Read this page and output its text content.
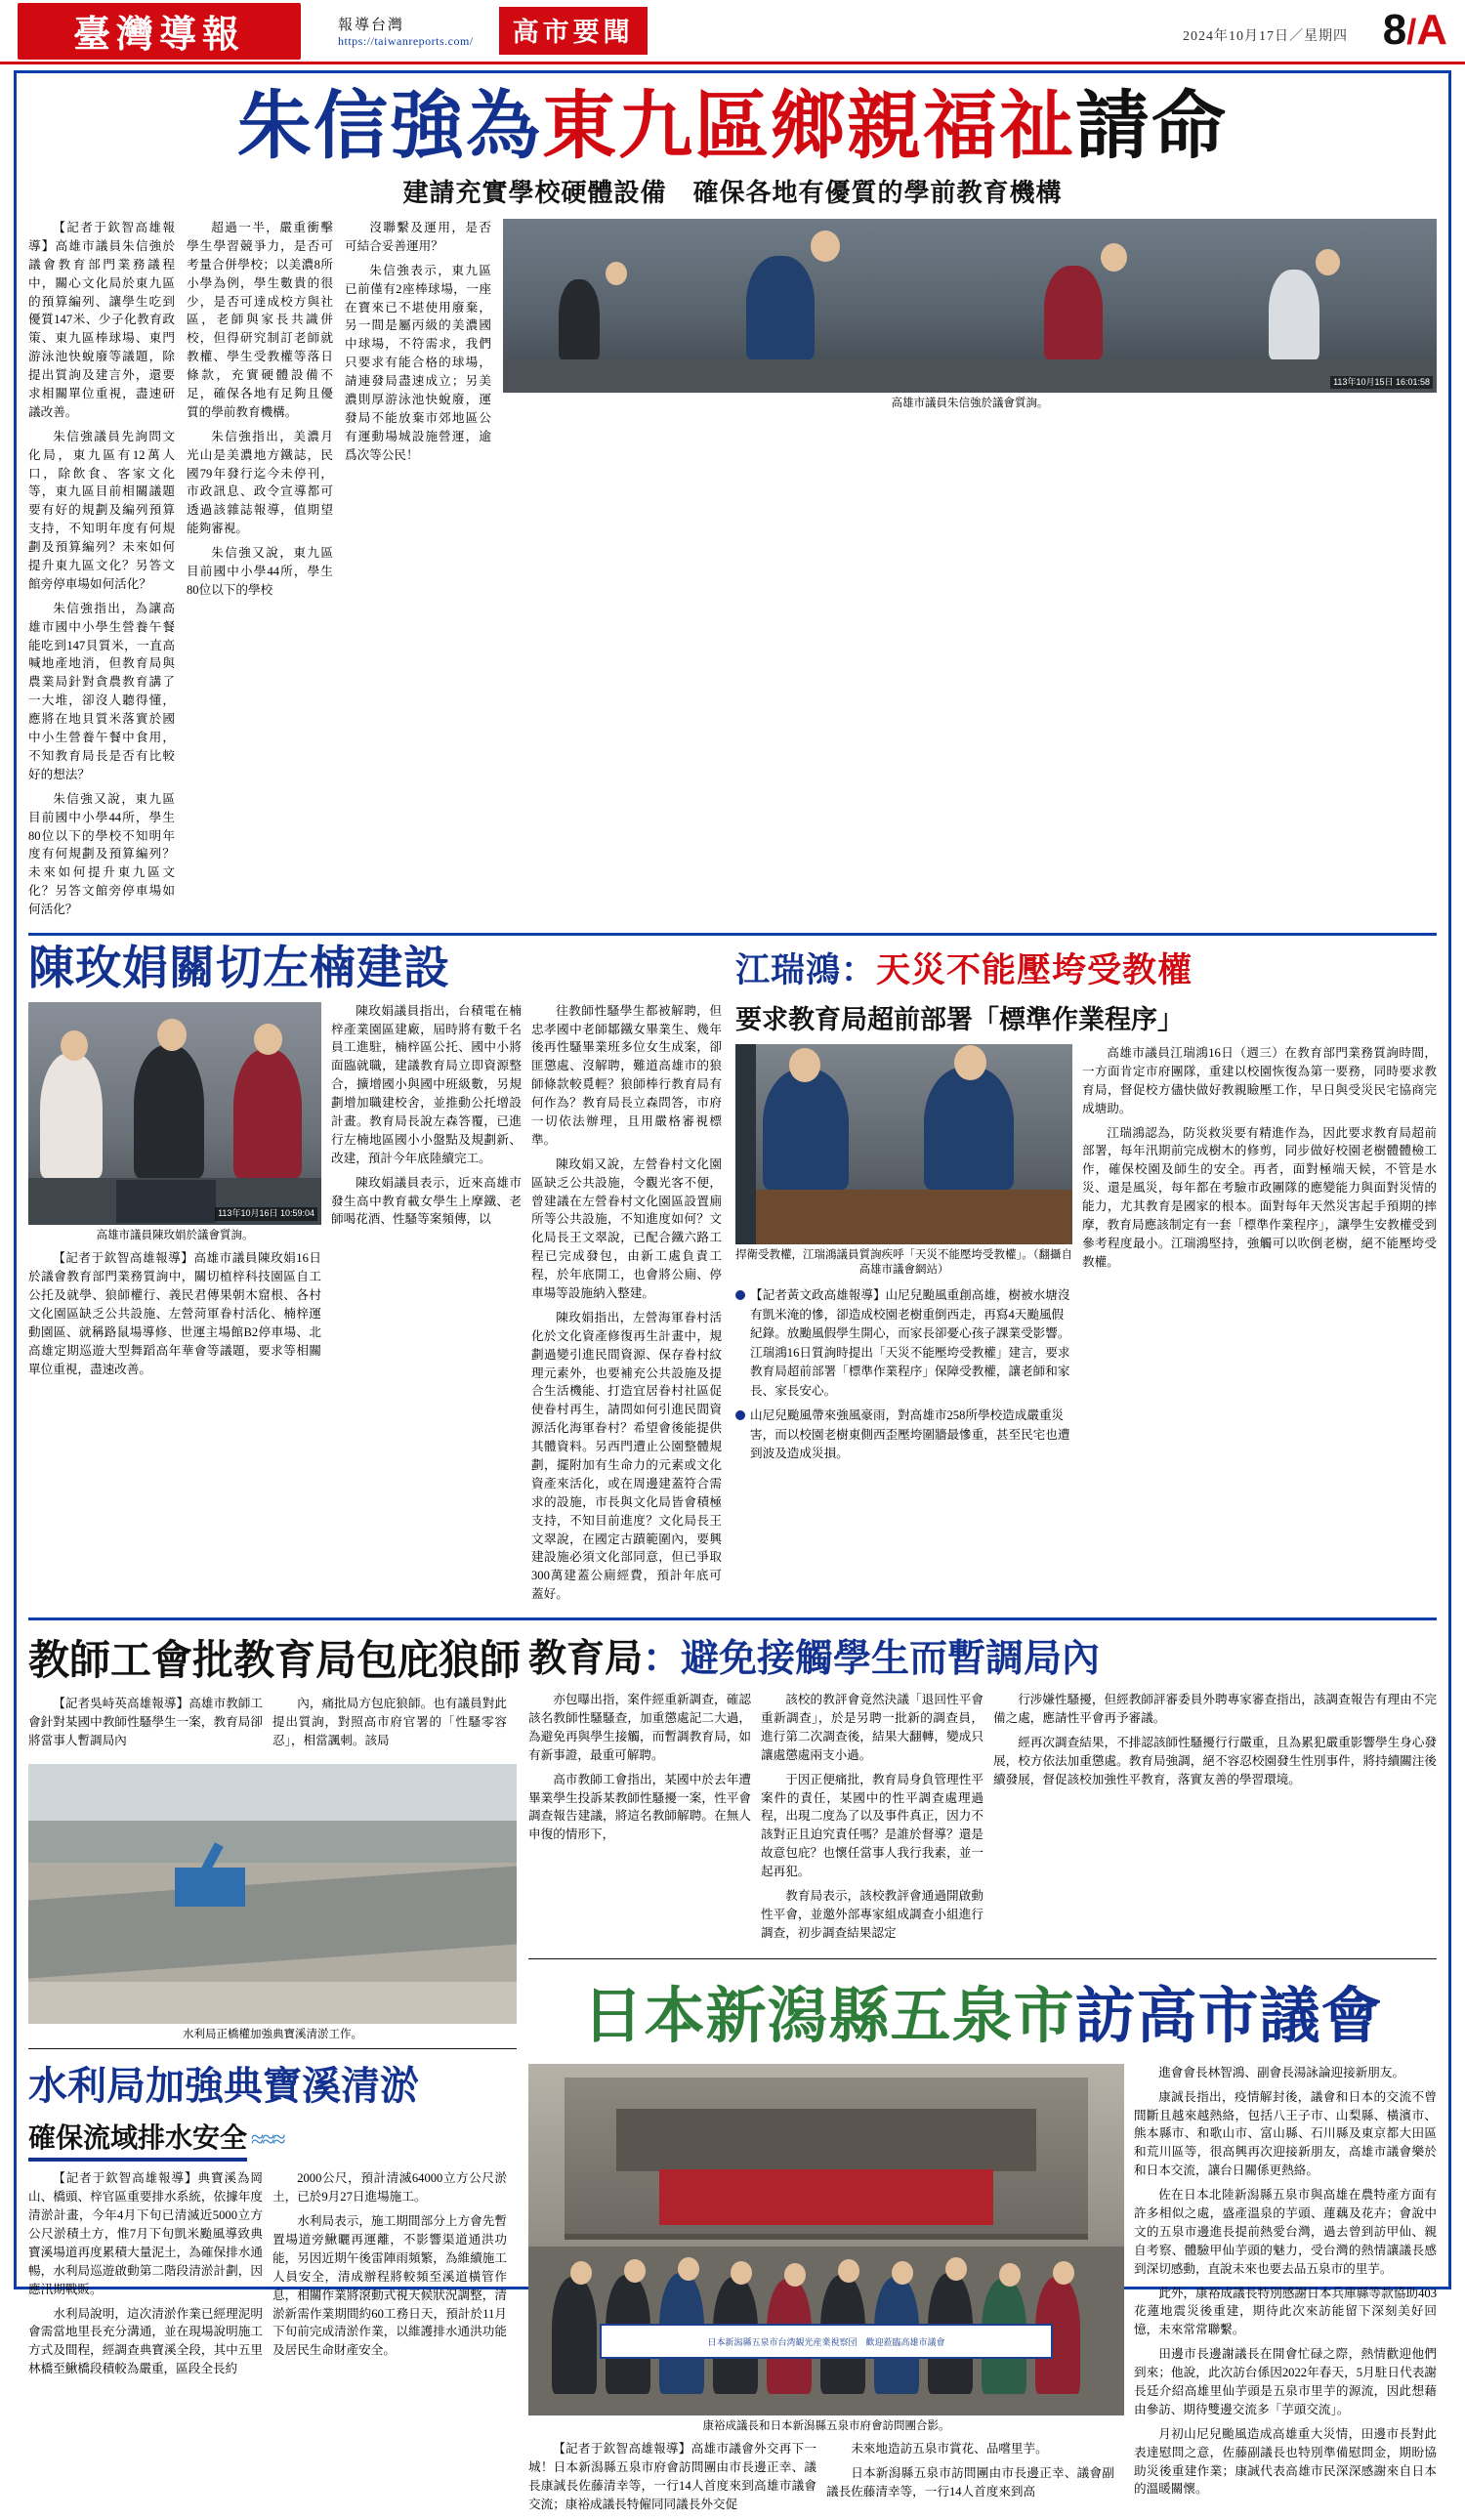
臺灣導報	報導台灣
https://taiwanreports.com/	高市要聞	2024年10月17日／星期四 8/A
朱信強為東九區鄉親福祉請命
建請充實學校硬體設備　確保各地有優質的學前教育機構

【記者于欽智高雄報導】高雄市議員朱信強於議會教育部門業務議程中，關心文化局於東九區的預算編列、讓學生吃到優質147米、少子化教育政策、東九區棒球場、東門游泳池快蛻廢等議題，除提出質詢及建言外，還要求相關單位重視，盡速研議改善。

朱信強議員先詢問文化局，東九區有12萬人口，除飲食、客家文化等，東九區目前相關議題要有好的規劃及編列預算支持，不知明年度有何規劃及預算編列？未來如何提升東九區文化？另答文館旁停車場如何活化？

朱信強指出，為讓高雄市國中小學生營養午餐能吃到147貝質米，一直高喊地產地消，但教育局與農業局針對貪農教育講了一大堆，卻沒人聽得懂，應將在地貝質米落實於國中小生營養午餐中食用，不知教育局長是否有比較好的想法？

朱信強又說，東九區目前國中小學44所，學生80位以下的學校不知明年度有何規劃及預算編列？未來如何提升東九區文化？另答文館旁停車場如何活化？

超過一半，嚴重衝擊學生學習競爭力，是否可考量合併學校；以美濃8所小學為例，學生數貴的很少，是否可達成校方與社區，老師與家長共識併校，但得研究制訂老師就教權、學生受教權等落日條款，充實硬體設備不足，確保各地有足夠且優質的學前教育機構。

朱信強指出，美濃月光山是美濃地方鐵誌，民國79年發行迄今未停刊，市政訊息、政令宣導都可透過該雜誌報導，值期望能夠審視。

朱信強又說，東九區目前國中小學44所，學生80位以下的學校

沒聯繫及運用，是否可結合妥善運用？

朱信強表示，東九區已前僅有2座棒球場，一座在寶來已不堪使用廢棄，另一間是屬丙級的美濃國中球場，不符需求，我們只要求有能合格的球場，請連發局盡速成立；另美濃則厚游泳池快蛻廢，運發局不能放棄市郊地區公有運動場城設施營運，逾爲次等公民！

113年10月15日 16:01:58
高雄市議員朱信強於議會質詢。
陳玫娟關切左楠建設
113年10月16日 10:59:04
高雄市議員陳玫娟於議會質詢。

【記者于欽智高雄報導】高雄市議員陳玫娟16日於議會教育部門業務質詢中，關切植梓科技園區自工公托及就學、狼師權行、義民君傳果朝木窟根、各村文化園區缺乏公共設施、左營菏軍眷村活化、楠梓運動園區、就稱路鼠場導修、世運主場館B2停車場、北高雄定期巡遊大型舞蹈高年華會等議題，要求等相關單位重視，盡速改善。

陳玫娟議員指出，台積電在楠梓產業園區建廠，屆時將有數千名員工進駐，楠梓區公托、國中小將面臨就職，建議教育局立即資源整合，擴增國小與國中班級數，另規劃增加職建校舍，並推動公托增設計畫。教育局長說左森答覆，已進行左楠地區國小小盤點及規劃新、改建，預計今年底陸續完工。

陳玫娟議員表示，近來高雄市發生高中教育載女學生上摩鐵、老師喝花酒、性騷等案頻傳，以

往教師性騷學生都被解聘，但忠孝國中老師鄒鐵女畢業生、幾年後再性騷畢業班多位女生成案，卻匪懲處、沒解聘，難道高雄市的狼師條款較覓輕？狼師棒行教育局有何作為？教育局長立森問答，市府一切依法辦理，且用嚴格審視標準。

陳玫娟又說，左營眷村文化園區缺乏公共設施，令觀光客不便，曾建議在左營眷村文化園區設置廁所等公共設施，不知進度如何？文化局長王文翠說，已配合鐵六路工程已完成發包，由新工處負責工程，於年底開工，也會將公廁、停車場等設施納入整建。

陳玫娟指出，左營海軍眷村活化於文化資產修復再生計畫中，規劃過變引進民間資源、保存眷村紋理元素外，也要補充公共設施及提合生活機能、打造宜居眷村社區促使眷村再生，請問如何引進民間資源活化海軍眷村？希望會後能提供其體資料。另西門遭止公園整體規劃，擺附加有生命力的元素或文化資產來活化，或在周邊建蓋符合需求的設施，市長與文化局皆會積極支持，不知目前進度？文化局長王文翠說，在國定古蹟範圍內，要興建設施必須文化部同意，但已爭取300萬建蓋公廁經費，預計年底可蓋好。

江瑞鴻：天災不能壓垮受教權
要求教育局超前部署「標準作業程序」
捍衛受教權，江瑞鴻議員質詢疾呼「天災不能壓垮受教權」。（翻攝自高雄市議會網站）
【記者黃文政高雄報導】山尼兒颱風重創高雄，樹被水塘沒有凱米淹的慘，卻造成校園老樹重倒西走，再寫4天颱風假紀錄。放颱風假學生開心，而家長卻憂心孩子課業受影響。江瑞鴻16日質詢時提出「天災不能壓垮受教權」建言，要求教育局超前部署「標準作業程序」保障受教權，讓老師和家長、家長安心。
山尼兒颱風帶來強風豪雨，對高雄市258所學校造成嚴重災害，而以校園老樹東側西歪壓垮圍牆最慘重，甚至民宅也遭到波及造成災損。

高雄市議員江瑞鴻16日（週三）在教育部門業務質詢時間，一方面肯定市府團隊，重建以校園恢復為第一要務，同時要求教育局，督促校方儘快做好教親瞼壓工作，早日與受災民宅協商完成塘助。

江瑞鴻認為，防災救災要有精進作為，因此要求教育局超前部署，每年汛期前完成樹木的修剪，同步做好校園老樹體體檢工作，確保校園及師生的安全。再者，面對極端天候，不管是水災、還是風災，每年都在考驗市政團隊的應變能力與面對災情的能力，尤其教育是國家的根本。面對每年天然災害起手預期的摔摩，教育局應該制定有一套「標準作業程序」，讓學生安教權受到參考程度最小。江瑞鴻堅持，強觸可以吹倒老樹，絕不能壓垮受教權。

教師工會批教育局包庇狼師

【記者吳峙英高雄報導】高雄市教師工會針對某國中教師性騷學生一案，教育局卻將當事人暫調局內

內，痛批局方包庇狼師。也有議員對此提出質詢，對照高市府官署的「性騷零容忍」，相當諷刺。該局

水利局正橋權加強典寶溪清淤工作。
水利局加強典寶溪清淤
確保流域排水安全 ≈≈≈

【記者于欽智高雄報導】典寶溪為岡山、橋頭、梓官區重要排水系統，依據年度清淤計畫，今年4月下旬已清滅近5000立方公尺淤積土方，惟7月下旬凱米颱風導致典寶溪場道再度累積大量泥土，為確保排水通暢，水利局巡遊啟動第二階段清淤計劃，因應汛期戰販。

水利局說明，這次清淤作業已經理泥明會需當地里長充分溝通，並在現場說明施工方式及間程，經調查典寶溪全段，其中五里林橋至鰍橋段積較為嚴重，區段全長約

2000公尺，預計清滅64000立方公尺淤土，已於9月27日進場施工。

水利局表示，施工期間部分上方會先暫置場道旁鰍曬再運離，不影響渠道通洪功能，另因近期午後雷陣雨頻繁，為維續施工人員安全，清成辦程將較頻至溪道橫管作息，相關作業將滾動式視天候狀況調整，清淤新需作業期間約60工務日天，預計於11月下旬前完成清淤作業，以維護排水通洪功能及居民生命財產安全。

教育局：避免接觸學生而暫調局內

亦包曝出指，案件經重新調查，確認該名教師性騷騷查，加重懲處記二大過，為避免再與學生接觸，而暫調教育局，如有新事證，最重可解聘。

高市教師工會指出，某國中於去年遭畢業學生投訴某教師性騷擾一案，性平會調查報告建議，將這名教師解聘。在無人申復的情形下，

該校的教評會竟然決議「退回性平會重新調查」，於是另聘一批新的調查員，進行第二次調查後，結果大翻轉，變成只讓處懲處兩支小過。

于因正便痛批，教育局身負管理性平案件的責任，某國中的性平調查處理過程，出現二度為了以及事件真正，因力不該對正且迫究責任嗎？是誰於督導？還是故意包庇？也懷任當事人我行我素，並一起再犯。

教育局表示，該校教評會通過開啟動性平會，並邀外部專家組成調查小組進行調查，初步調查結果認定

行涉嫌性騷擾，但經教師評審委員外聘專家審查指出，該調查報告有理由不完備之處，應請性平會再予審議。

經再次調查結果，不排認該師性騷擾行行嚴重，且為累犯嚴重影響學生身心發展，校方依法加重懲處。教育局強調，絕不容忍校園發生性別事件，將持續關注後續發展，督促該校加強性平教育，落實友善的學習環境。

日本新潟縣五泉市訪高市議會
日本新潟縣五泉市台湾観光産業視察団　歡迎蒞臨高雄市議會
康裕成議長和日本新潟縣五泉市府會訪問團合影。

【記者于欽智高雄報導】高雄市議會外交再下一城！日本新潟縣五泉市府會訪問團由市長邊正幸、議長康誠長佐藤清幸等，一行14人首度來到高雄市議會交流；康裕成議長特僱同同議長外交促

未來地造訪五泉市賞花、品嚐里芋。

日本新潟縣五泉市訪問團由市長邊正幸、議會副議長佐藤清幸等，一行14人首度來到高

進會會長林智鴻、副會長湯詠論迎接新朋友。

康誠長指出，疫情解封後，議會和日本的交流不曾間斷且越來越熱絡，包括八王子市、山梨縣、橫濱市、熊本縣市、和歌山市、富山縣、石川縣及東京都大田區和荒川區等，很高興再次迎接新朋友，高雄市議會樂於和日本交流，讓台日關係更熱絡。

佐在日本北陸新潟縣五泉市與高雄在農特產方面有許多相似之處，盛產溫泉的芋頭、蓮藕及花卉；會說中文的五泉市邊進長提前熱愛台灣，過去曾到訪甲仙、親自考察、體驗甲仙芋頭的魅力，受台灣的熱情讓議長感到深切感動，直說未來也要去品五泉市的里芋。

此外，康裕成議長特別感謝日本兵庫縣等款協助403花蓮地震災後重建，期待此次來訪能留下深刻美好回憶，未來常常聯繫。

田邊市長邊謝議長在開會忙碌之際，熱情歡迎他們到來；他說，此次訪台係因2022年春天，5月駐日代表謝長廷介紹高雄里仙芋頭是五泉市里芋的源流，因此想藉由參訪、期待雙邊交流多「芋頭交流」。

月初山尼兒颱風造成高雄重大災情，田邊市長對此表達慰問之意，佐藤副議長也特別準備慰問金，期盼協助災後重建作業；康誠代表高雄市民深深感謝來自日本的溫暖關懷。
